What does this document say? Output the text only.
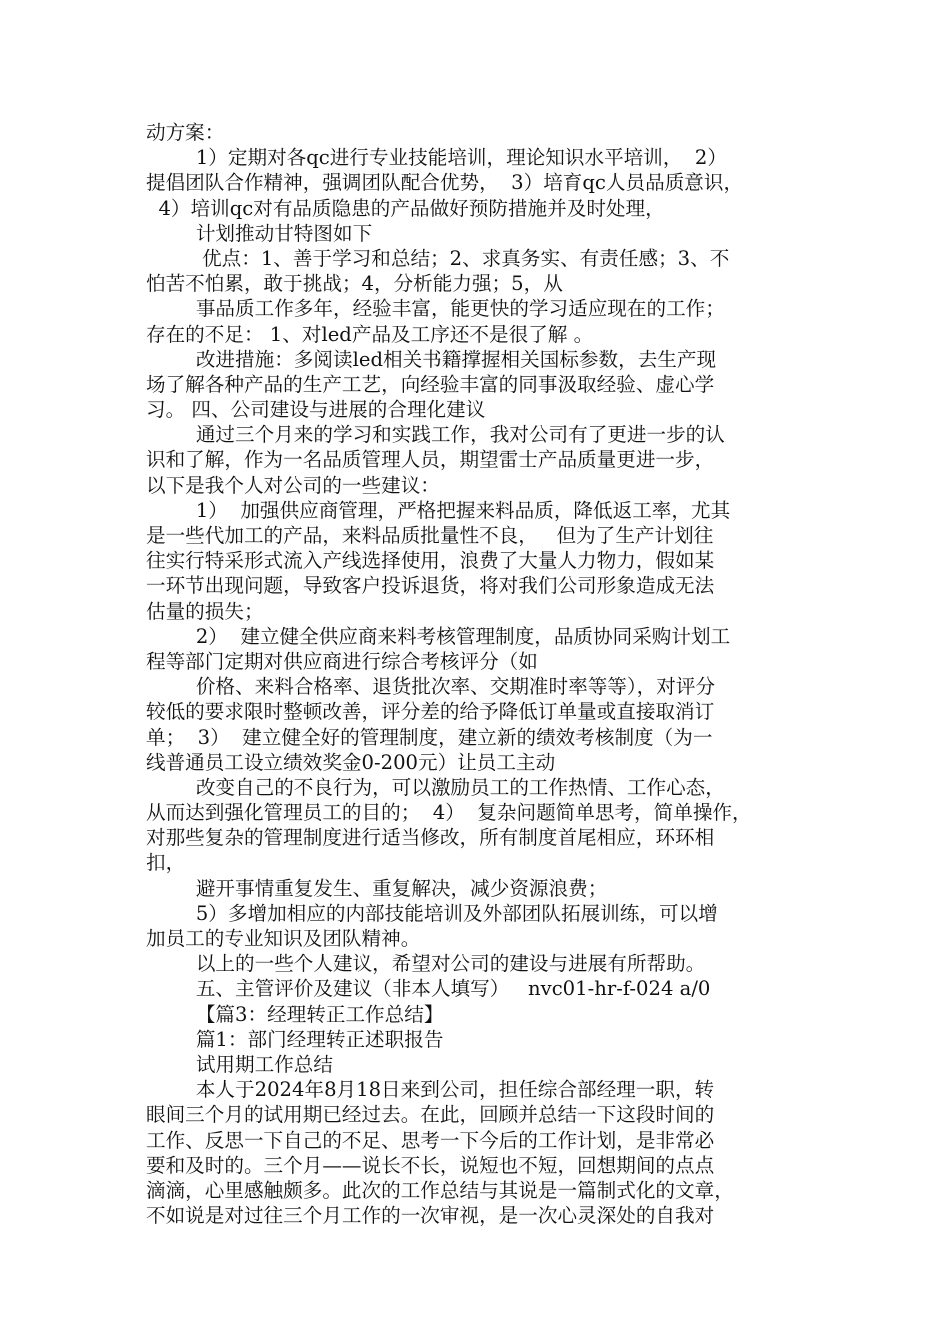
动方案：
1）定期对各qc进行专业技能培训，理论知识水平培训，  2）
提倡团队合作精神，强调团队配合优势，  3）培育qc人员品质意识，
4）培训qc对有品质隐患的产品做好预防措施并及时处理，
计划推动甘特图如下
优点：1、善于学习和总结；2、求真务实、有责任感；3、不
怕苦不怕累，敢于挑战；4，分析能力强；5，从
事品质工作多年，经验丰富，能更快的学习适应现在的工作；
存在的不足： 1、对led产品及工序还不是很了解 。
改进措施：多阅读led相关书籍撑握相关国标参数，去生产现
场了解各种产品的生产工艺，向经验丰富的同事汲取经验、虚心学
习。 四、公司建设与进展的合理化建议
通过三个月来的学习和实践工作，我对公司有了更进一步的认
识和了解，作为一名品质管理人员，期望雷士产品质量更进一步，
以下是我个人对公司的一些建议：
1）  加强供应商管理，严格把握来料品质，降低返工率，尤其
是一些代加工的产品，来料品质批量性不良，   但为了生产计划往
往实行特采形式流入产线选择使用，浪费了大量人力物力，假如某
一环节出现问题，导致客户投诉退货，将对我们公司形象造成无法
估量的损失；
2）  建立健全供应商来料考核管理制度，品质协同采购计划工
程等部门定期对供应商进行综合考核评分（如
价格、来料合格率、退货批次率、交期准时率等等），对评分
较低的要求限时整顿改善，评分差的给予降低订单量或直接取消订
单；  3）  建立健全好的管理制度，建立新的绩效考核制度（为一
线普通员工设立绩效奖金0-200元）让员工主动
改变自己的不良行为，可以激励员工的工作热情、工作心态，
从而达到强化管理员工的目的；  4）  复杂问题简单思考，简单操作，
对那些复杂的管理制度进行适当修改，所有制度首尾相应，环环相
扣，
避开事情重复发生、重复解决，减少资源浪费；
5）多增加相应的内部技能培训及外部团队拓展训练，可以增
加员工的专业知识及团队精神。
以上的一些个人建议，希望对公司的建设与进展有所帮助。
五、主管评价及建议（非本人填写）   nvc01-hr-f-024 a/0
【篇3：经理转正工作总结】
篇1：部门经理转正述职报告
试用期工作总结
本人于2024年8月18日来到公司，担任综合部经理一职，转
眼间三个月的试用期已经过去。在此，回顾并总结一下这段时间的
工作、反思一下自己的不足、思考一下今后的工作计划，是非常必
要和及时的。三个月——说长不长，说短也不短，回想期间的点点
滴滴，心里感触颇多。此次的工作总结与其说是一篇制式化的文章，
不如说是对过往三个月工作的一次审视，是一次心灵深处的自我对
